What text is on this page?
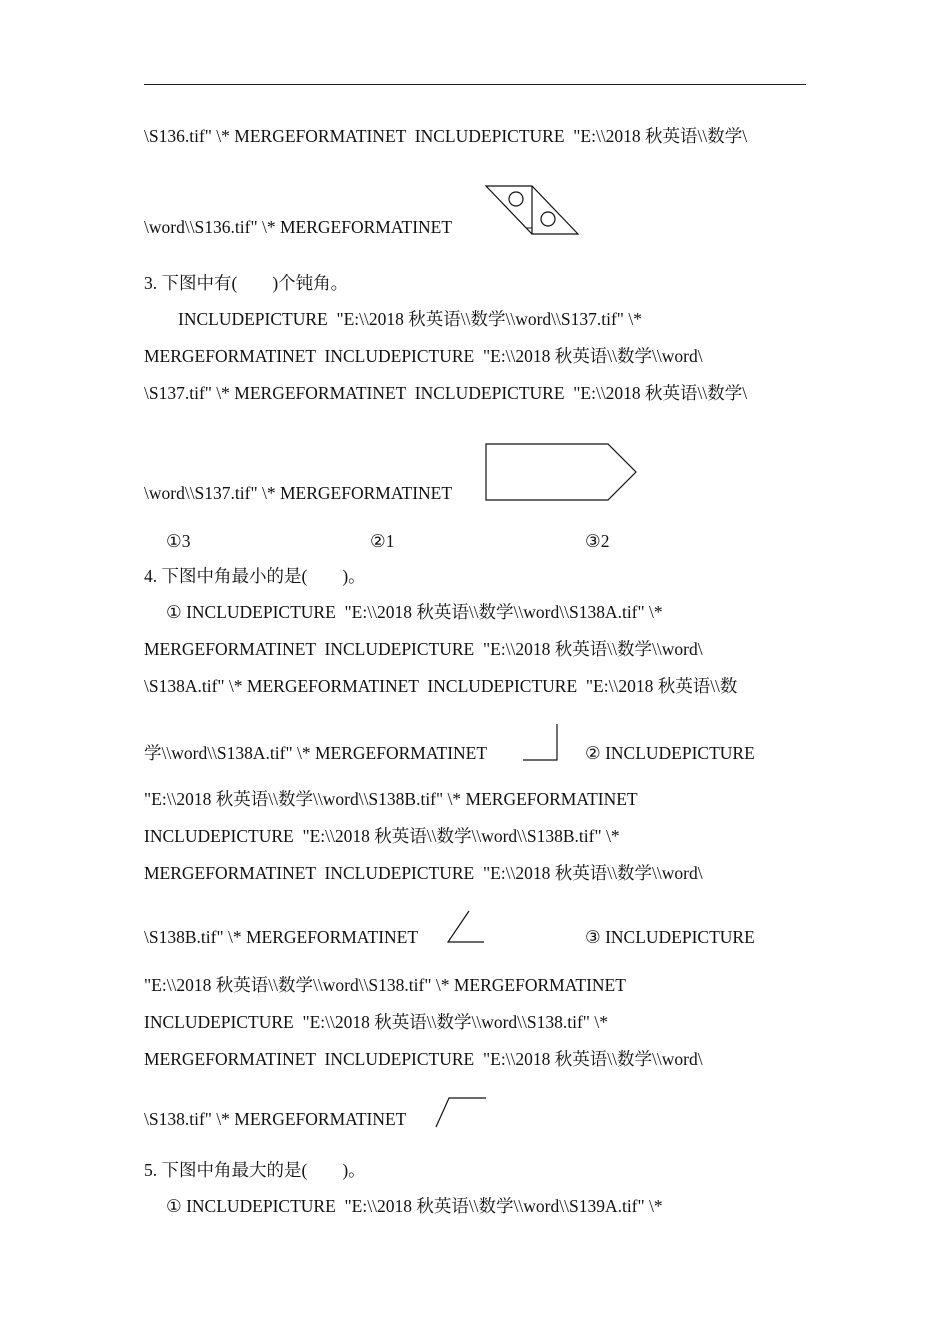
\S136.tif" \* MERGEFORMATINET  INCLUDEPICTURE  "E:\\2018 秋英语\\数学\
\word\\S136.tif" \* MERGEFORMATINET
3. 下图中有(        )个钝角。
INCLUDEPICTURE  "E:\\2018 秋英语\\数学\\word\\S137.tif" \*
MERGEFORMATINET  INCLUDEPICTURE  "E:\\2018 秋英语\\数学\\word\
\S137.tif" \* MERGEFORMATINET  INCLUDEPICTURE  "E:\\2018 秋英语\\数学\
\word\\S137.tif" \* MERGEFORMATINET
①3	②1	③2
4. 下图中角最小的是(        )。
① INCLUDEPICTURE  "E:\\2018 秋英语\\数学\\word\\S138A.tif" \*
MERGEFORMATINET  INCLUDEPICTURE  "E:\\2018 秋英语\\数学\\word\
\S138A.tif" \* MERGEFORMATINET  INCLUDEPICTURE  "E:\\2018 秋英语\\数
学\\word\\S138A.tif" \* MERGEFORMATINET	② INCLUDEPICTURE
"E:\\2018 秋英语\\数学\\word\\S138B.tif" \* MERGEFORMATINET
INCLUDEPICTURE  "E:\\2018 秋英语\\数学\\word\\S138B.tif" \*
MERGEFORMATINET  INCLUDEPICTURE  "E:\\2018 秋英语\\数学\\word\
\S138B.tif" \* MERGEFORMATINET	③ INCLUDEPICTURE
"E:\\2018 秋英语\\数学\\word\\S138.tif" \* MERGEFORMATINET
INCLUDEPICTURE  "E:\\2018 秋英语\\数学\\word\\S138.tif" \*
MERGEFORMATINET  INCLUDEPICTURE  "E:\\2018 秋英语\\数学\\word\
\S138.tif" \* MERGEFORMATINET
5. 下图中角最大的是(        )。
① INCLUDEPICTURE  "E:\\2018 秋英语\\数学\\word\\S139A.tif" \*
